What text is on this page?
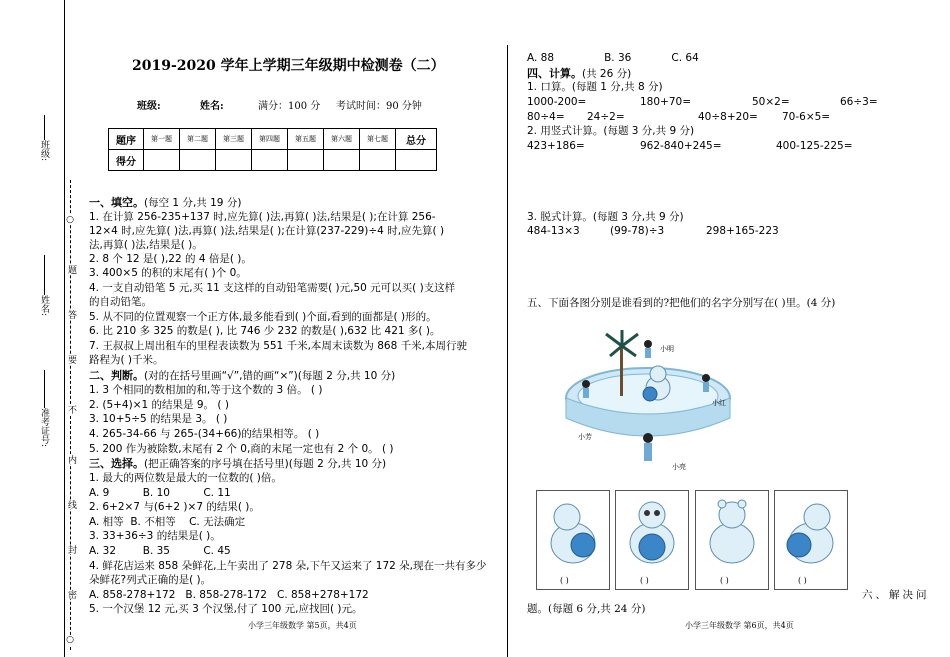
班级:
姓名:
准考证号:
○
题
答
要
不
内
线
封
密
○
2019-2020 学年上学期三年级期中检测卷（二）
班级:	姓名:	满分：100 分 考试时间：90 分钟
题序	第一题	第二题	第三题	第四题	第五题	第六题	第七题	总分
得分								
一、填空。(每空 1 分,共 19 分)
1. 在计算 256-235+137 时,应先算( )法,再算( )法,结果是( );在计算 256-
12×4 时,应先算( )法,再算( )法,结果是( );在计算(237-229)÷4 时,应先算( )
法,再算( )法,结果是( )。
2. 8 个 12 是( ),22 的 4 倍是( )。
3. 400×5 的积的末尾有( )个 0。
4. 一支自动铅笔 5 元,买 11 支这样的自动铅笔需要( )元,50 元可以买( )支这样
的自动铅笔。
5. 从不同的位置观察一个正方体,最多能看到( )个面,看到的面都是( )形的。
6. 比 210 多 325 的数是( ), 比 746 少 232 的数是( ),632 比 421 多( )。
7. 王叔叔上周出租车的里程表读数为 551 千米,本周末读数为 868 千米,本周行驶
路程为( )千米。
二、判断。(对的在括号里画“√”,错的画“×”)(每题 2 分,共 10 分)
1. 3 个相同的数相加的和,等于这个数的 3 倍。 ( )
2. (5+4)×1 的结果是 9。 ( )
3. 10+5÷5 的结果是 3。 ( )
4. 265-34-66 与 265-(34+66)的结果相等。 ( )
5. 200 作为被除数,末尾有 2 个 0,商的末尾一定也有 2 个 0。 ( )
三、选择。(把正确答案的序号填在括号里)(每题 2 分,共 10 分)
1. 最大的两位数是最大的一位数的( )倍。
A. 9          B. 10          C. 11
2. 6+2×7 与(6+2 )×7 的结果( )。
A. 相等  B. 不相等    C. 无法确定
3. 33+36÷3 的结果是( )。
A. 32        B. 35          C. 45
4. 鲜花店运来 858 朵鲜花,上午卖出了 278 朵,下午又运来了 172 朵,现在一共有多少
朵鲜花?列式正确的是( )。
A. 858-278+172   B. 858-278-172   C. 858+278+172
5. 一个汉堡 12 元,买 3 个汉堡,付了 100 元,应找回( )元。
小学三年级数学 第5页，共4页
A. 88               B. 36            C. 64
四、计算。(共 26 分)
1. 口算。(每题 1 分,共 8 分)
1000-200=	180+70=	50×2=	66÷3=
80÷4= 24÷2=	40÷8+20= 70-6×5=
2. 用竖式计算。(每题 3 分,共 9 分)
423+186=	962-840+245=	400-125-225=
3. 脱式计算。(每题 3 分,共 9 分)
484-13×3	(99-78)÷3	298+165-223
五、下面各图分别是谁看到的?把他们的名字分别写在( )里。(4 分)
小明
小红
小芳
小亮
( )	( )	( )	( )
六、解决问
题。(每题 6 分,共 24 分)
小学三年级数学 第6页，共4页
